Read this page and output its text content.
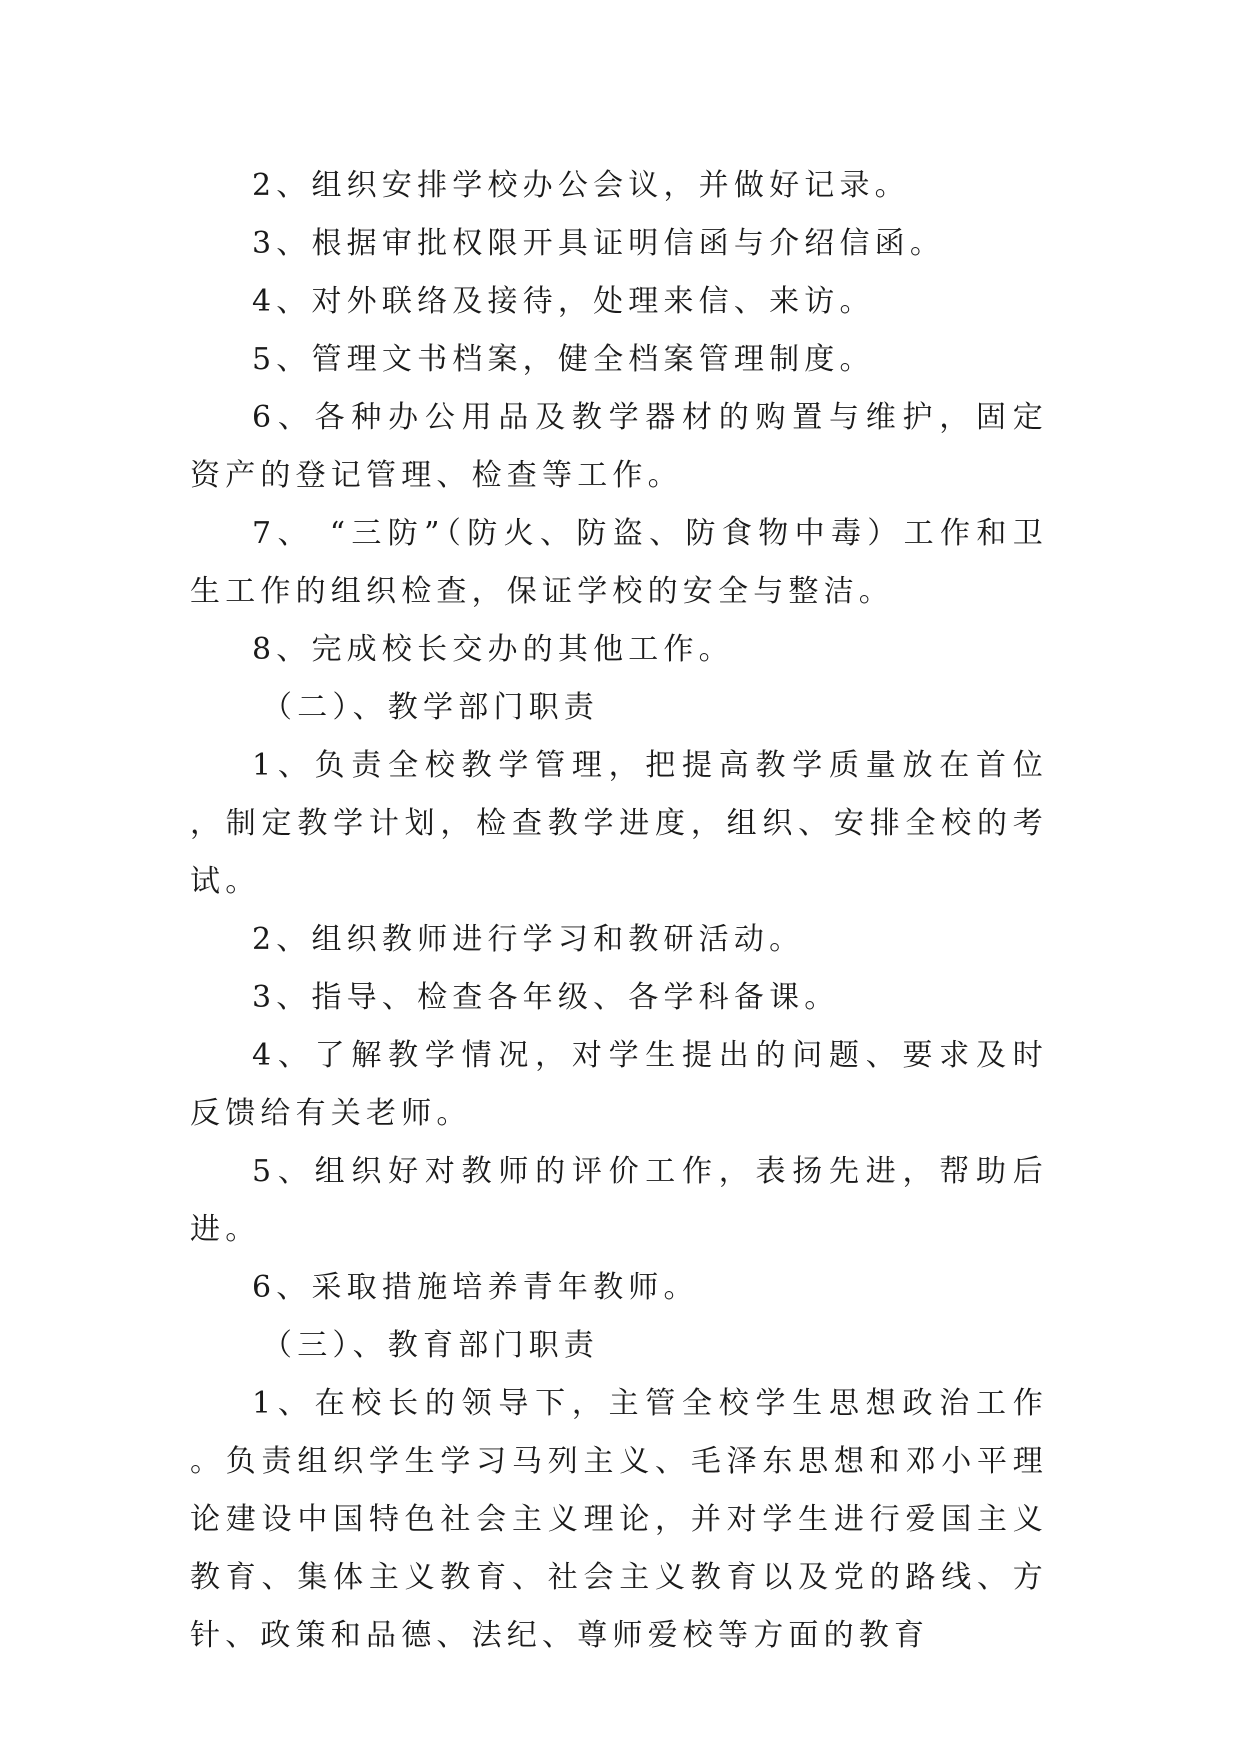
2、组织安排学校办公会议，并做好记录。

3、根据审批权限开具证明信函与介绍信函。

4、对外联络及接待，处理来信、来访。

5、管理文书档案，健全档案管理制度。

6、各种办公用品及教学器材的购置与维护，固定资产的登记管理、检查等工作。

7、 “三防”（防火、防盗、防食物中毒）工作和卫生工作的组织检查，保证学校的安全与整洁。

8、完成校长交办的其他工作。

（二）、教学部门职责

1、负责全校教学管理，把提高教学质量放在首位，制定教学计划，检查教学进度，组织、安排全校的考试。

2、组织教师进行学习和教研活动。

3、指导、检查各年级、各学科备课。

4、了解教学情况，对学生提出的问题、要求及时反馈给有关老师。

5、组织好对教师的评价工作，表扬先进，帮助后进。

6、采取措施培养青年教师。

（三）、教育部门职责

1、在校长的领导下，主管全校学生思想政治工作。负责组织学生学习马列主义、毛泽东思想和邓小平理论建设中国特色社会主义理论，并对学生进行爱国主义教育、集体主义教育、社会主义教育以及党的路线、方针、政策和品德、法纪、尊师爱校等方面的教育
